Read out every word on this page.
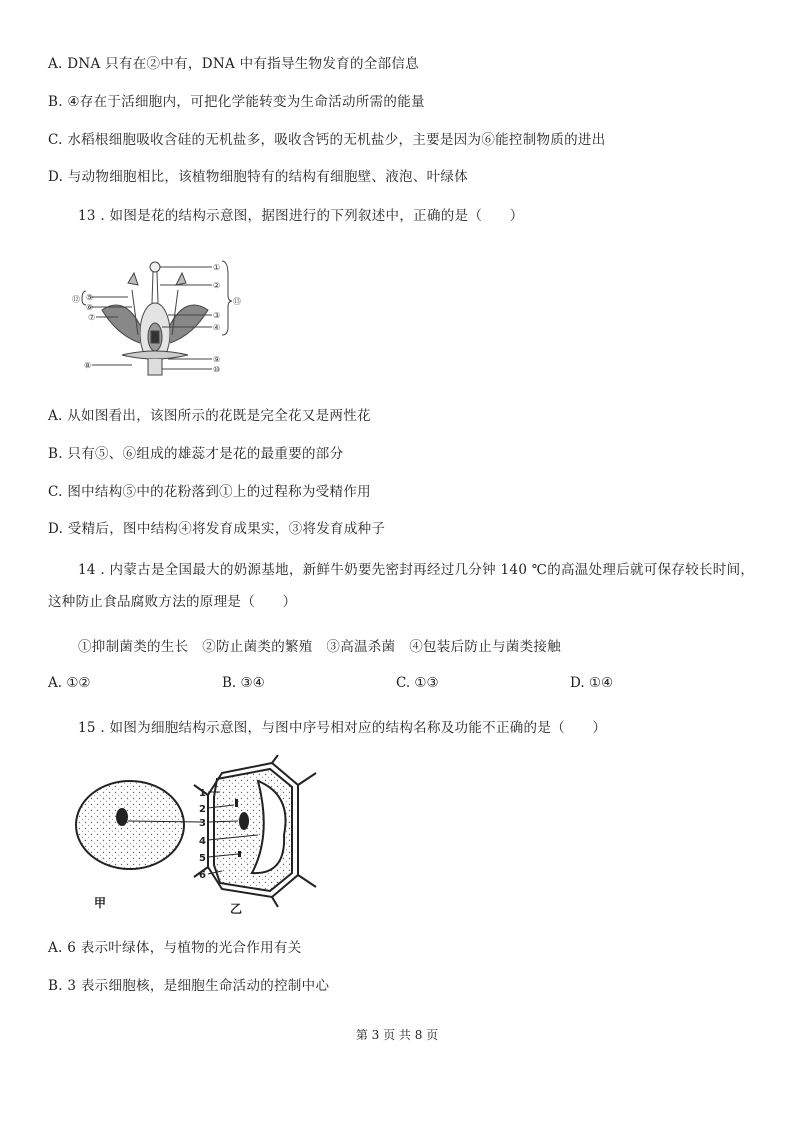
A. DNA 只有在②中有，DNA 中有指导生物发育的全部信息
B. ④存在于活细胞内，可把化学能转变为生命活动所需的能量
C. 水稻根细胞吸收含硅的无机盐多，吸收含钙的无机盐少，主要是因为⑥能控制物质的进出
D. 与动物细胞相比，该植物细胞特有的结构有细胞壁、液泡、叶绿体
13 . 如图是花的结构示意图，据图进行的下列叙述中，正确的是（　　）
①
②
③
④
⑨
⑩
⑬
⑤
⑥
⑦
⑧
⑫
A. 从如图看出，该图所示的花既是完全花又是两性花
B. 只有⑤、⑥组成的雄蕊才是花的最重要的部分
C. 图中结构⑤中的花粉落到①上的过程称为受精作用
D. 受精后，图中结构④将发育成果实，③将发育成种子
14 . 内蒙古是全国最大的奶源基地，新鲜牛奶要先密封再经过几分钟 140 ℃的高温处理后就可保存较长时间，
这种防止食品腐败方法的原理是（　　）
①抑制菌类的生长　②防止菌类的繁殖　③高温杀菌　④包装后防止与菌类接触
A. ①②	B. ③④	C. ①③	D. ①④
15 . 如图为细胞结构示意图，与图中序号相对应的结构名称及功能不正确的是（　　）
1
2
3
4
5
6
甲	乙
A. 6 表示叶绿体，与植物的光合作用有关
B. 3 表示细胞核，是细胞生命活动的控制中心
第 3 页 共 8 页
